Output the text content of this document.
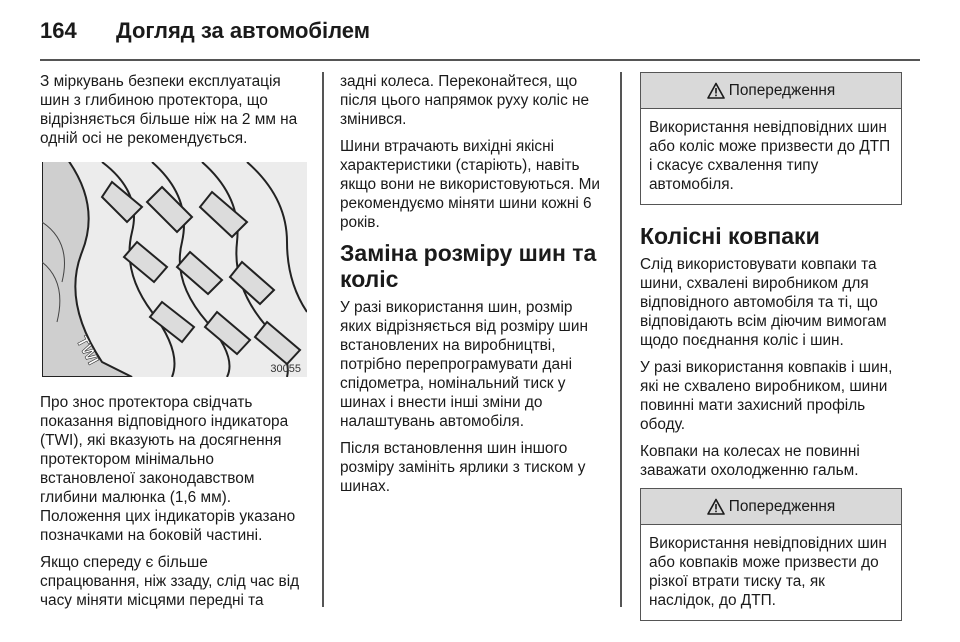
164 Догляд за автомобілем

З міркувань безпеки експлуатація шин з глибиною протектора, що відрізняється більше ніж на 2 мм на одній осі не рекомендується.

TWI
30055

Про знос протектора свідчать показання відповідного індикатора (TWI), які вказують на досягнення протектором мінімально встановленої законодавством глибини малюнка (1,6 мм). Положення цих індикаторів указано позначками на боковій частині.

Якщо спереду є більше спрацювання, ніж ззаду, слід час від часу міняти місцями передні та

задні колеса. Переконайтеся, що після цього напрямок руху коліс не змінився.

Шини втрачають вихідні якісні характеристики (старіють), навіть якщо вони не використовуються. Ми рекомендуємо міняти шини кожні 6 років.

Заміна розміру шин та коліс

У разі використання шин, розмір яких відрізняється від розміру шин встановлених на виробництві, потрібно перепрограмувати дані спідометра, номінальний тиск у шинах і внести інші зміни до налаштувань автомобіля.

Після встановлення шин іншого розміру замініть ярлики з тиском у шинах.

Попередження
Використання невідповідних шин або коліс може призвести до ДТП і скасує схвалення типу автомобіля.
Колісні ковпаки

Слід використовувати ковпаки та шини, схвалені виробником для відповідного автомобіля та ті, що відповідають всім діючим вимогам щодо поєднання коліс і шин.

У разі використання ковпаків і шин, які не схвалено виробником, шини повинні мати захисний профіль ободу.

Ковпаки на колесах не повинні заважати охолодженню гальм.

Попередження
Використання невідповідних шин або ковпаків може призвести до різкої втрати тиску та, як наслідок, до ДТП.
